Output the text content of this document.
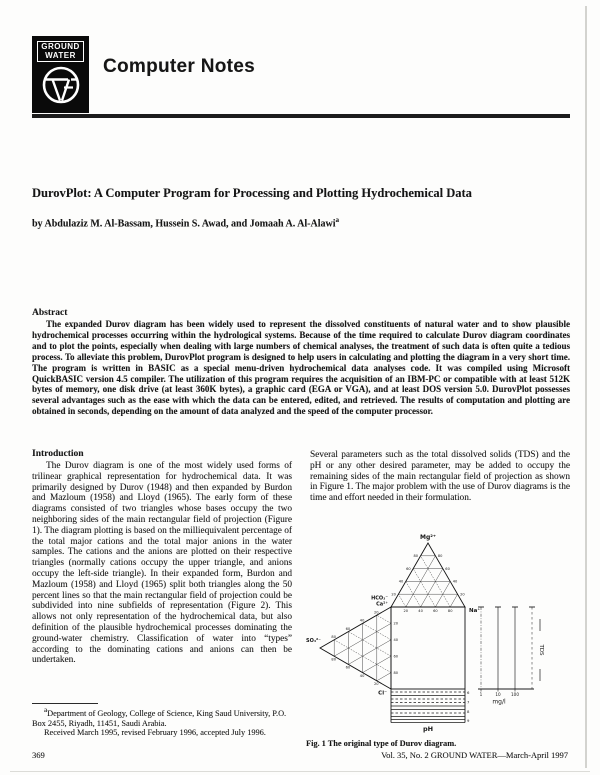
GROUND
WATER
Computer Notes
DurovPlot: A Computer Program for Processing and Plotting Hydrochemical Data
by Abdulaziz M. Al-Bassam, Hussein S. Awad, and Jomaah A. Al-Alawi$^a$
Abstract
The expanded Durov diagram has been widely used to represent the dissolved constituents of natural water and to show plausible hydrochemical processes occurring within the hydrological systems. Because of the time required to calculate Durov diagram coordinates and to plot the points, especially when dealing with large numbers of chemical analyses, the treatment of such data is often quite a tedious process. To alleviate this problem, DurovPlot program is designed to help users in calculating and plotting the diagram in a very short time. The program is written in BASIC as a special menu-driven hydrochemical data analyses code. It was compiled using Microsoft QuickBASIC version 4.5 compiler. The utilization of this program requires the acquisition of an IBM-PC or compatible with at least 512K bytes of memory, one disk drive (at least 360K bytes), a graphic card (EGA or VGA), and at least DOS version 5.0. DurovPlot possesses several advantages such as the ease with which the data can be entered, edited, and retrieved. The results of computation and plotting are obtained in seconds, depending on the amount of data analyzed and the speed of the computer processor.
Introduction
The Durov diagram is one of the most widely used forms of trilinear graphical representation for hydrochemical data. It was primarily designed by Durov (1948) and then expanded by Burdon and Mazloum (1958) and Lloyd (1965). The early form of these diagrams consisted of two triangles whose bases occupy the two neighboring sides of the main rectangular field of projection (Figure 1). The diagram plotting is based on the milliequivalent percentage of the total major cations and the total major anions in the water samples. The cations and the anions are plotted on their respective triangles (normally cations occupy the upper triangle, and anions occupy the left-side triangle). In their expanded form, Burdon and Mazloum (1958) and Lloyd (1965) split both triangles along the 50 percent lines so that the main rectangular field of projection could be subdivided into nine subfields of representation (Figure 2). This allows not only representation of the hydrochemical data, but also definition of the plausible hydrochemical processes dominating the ground-water chemistry. Classification of water into “types” according to the dominating cations and anions can then be undertaken.
Several parameters such as the total dissolved solids (TDS) and the pH or any other desired parameter, may be added to occupy the remaining sides of the main rectangular field of projection as shown in Figure 1. The major problem with the use of Durov diagrams is the time and effort needed in their formulation.
20
20	20
20
20
20
40
40	40
40
40
40
60
60	60
60
60
60
80
80	80
80
80
80
1	10 100
mg/l
TDS
6
7
8
9
pH
Mg²⁺
Na⁺
HCO₃⁻
Ca²⁺
SO₄²⁻
Cl⁻
Fig. 1 The original type of Durov diagram.

$^a$Department of Geology, College of Science, King Saud University, P.O. Box 2455, Riyadh, 11451, Saudi Arabia.

Received March 1995, revised February 1996, accepted July 1996.

369	Vol. 35, No. 2 GROUND WATER—March-April 1997
